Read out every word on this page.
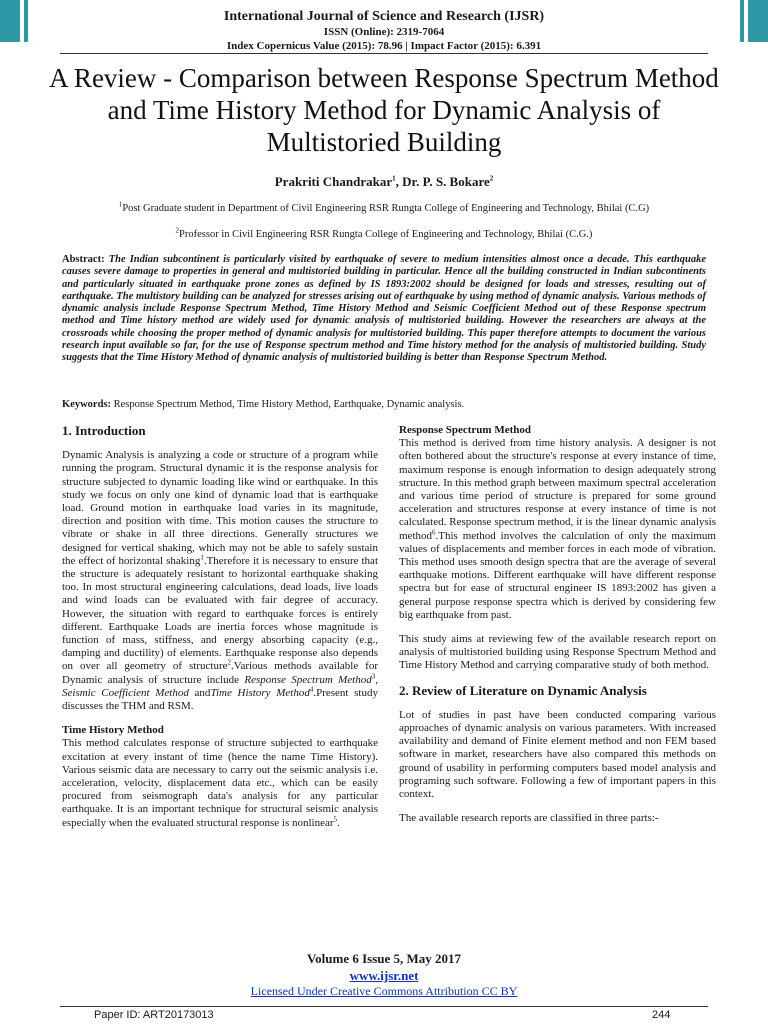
International Journal of Science and Research (IJSR)
ISSN (Online): 2319-7064
Index Copernicus Value (2015): 78.96 | Impact Factor (2015): 6.391
A Review - Comparison between Response Spectrum Method and Time History Method for Dynamic Analysis of Multistoried Building
Prakriti Chandrakar$^1$, Dr. P. S. Bokare$^2$
$^1$Post Graduate student in Department of Civil Engineering RSR Rungta College of Engineering and Technology, Bhilai (C.G)
$^2$Professor in Civil Engineering RSR Rungta College of Engineering and Technology, Bhilai (C.G.)
Abstract: The Indian subcontinent is particularly visited by earthquake of severe to medium intensities almost once a decade. This earthquake causes severe damage to properties in general and multistoried building in particular. Hence all the building constructed in Indian subcontinents and particularly situated in earthquake prone zones as defined by IS 1893:2002 should be designed for loads and stresses, resulting out of earthquake. The multistory building can be analyzed for stresses arising out of earthquake by using method of dynamic analysis. Various methods of dynamic analysis include Response Spectrum Method, Time History Method and Seismic Coefficient Method out of these Response spectrum method and Time history method are widely used for dynamic analysis of multistoried building. However the researchers are always at the crossroads while choosing the proper method of dynamic analysis for multistoried building. This paper therefore attempts to document the various research input available so far, for the use of Response spectrum method and Time history method for the analysis of multistoried building. Study suggests that the Time History Method of dynamic analysis of multistoried building is better than Response Spectrum Method.
Keywords: Response Spectrum Method, Time History Method, Earthquake, Dynamic analysis.
1. Introduction

Dynamic Analysis is analyzing a code or structure of a program while running the program. Structural dynamic it is the response analysis for structure subjected to dynamic loading like wind or earthquake. In this study we focus on only one kind of dynamic load that is earthquake load. Ground motion in earthquake load varies in its magnitude, direction and position with time. This motion causes the structure to vibrate or shake in all three directions. Generally structures we designed for vertical shaking, which may not be able to safely sustain the effect of horizontal shaking$^1$.Therefore it is necessary to ensure that the structure is adequately resistant to horizontal earthquake shaking too. In most structural engineering calculations, dead loads, live loads and wind loads can be evaluated with fair degree of accuracy. However, the situation with regard to earthquake forces is entirely different. Earthquake Loads are inertia forces whose magnitude is function of mass, stiffness, and energy absorbing capacity (e.g., damping and ductility) of elements. Earthquake response also depends on over all geometry of structure$^2$.Various methods available for Dynamic analysis of structure include Response Spectrum Method$^3$, Seismic Coefficient Method andTime History Method$^4$.Present study discusses the THM and RSM.

Time History Method

This method calculates response of structure subjected to earthquake excitation at every instant of time (hence the name Time History). Various seismic data are necessary to carry out the seismic analysis i.e. acceleration, velocity, displacement data etc., which can be easily procured from seismograph data's analysis for any particular earthquake. It is an important technique for structural seismic analysis especially when the evaluated structural response is nonlinear$^5$.

Response Spectrum Method

This method is derived from time history analysis. A designer is not often bothered about the structure's response at every instance of time, maximum response is enough information to design adequately strong structure. In this method graph between maximum spectral acceleration and various time period of structure is prepared for some ground acceleration and structures response at every instance of time is not calculated. Response spectrum method, it is the linear dynamic analysis method$^6$.This method involves the calculation of only the maximum values of displacements and member forces in each mode of vibration. This method uses smooth design spectra that are the average of several earthquake motions. Different earthquake will have different response spectra but for ease of structural engineer IS 1893:2002 has given a general purpose response spectra which is derived by considering few big earthquake from past.

This study aims at reviewing few of the available research report on analysis of multistoried building using Response Spectrum Method and Time History Method and carrying comparative study of both method.

2. Review of Literature on Dynamic Analysis

Lot of studies in past have been conducted comparing various approaches of dynamic analysis on various parameters. With increased availability and demand of Finite element method and non FEM based software in market, researchers have also compared this methods on ground of usability in performing computers based model analysis and programing such software. Following a few of important papers in this context.

The available research reports are classified in three parts:-

Volume 6 Issue 5, May 2017
www.ijsr.net
Licensed Under Creative Commons Attribution CC BY
Paper ID: ART20173013	244
